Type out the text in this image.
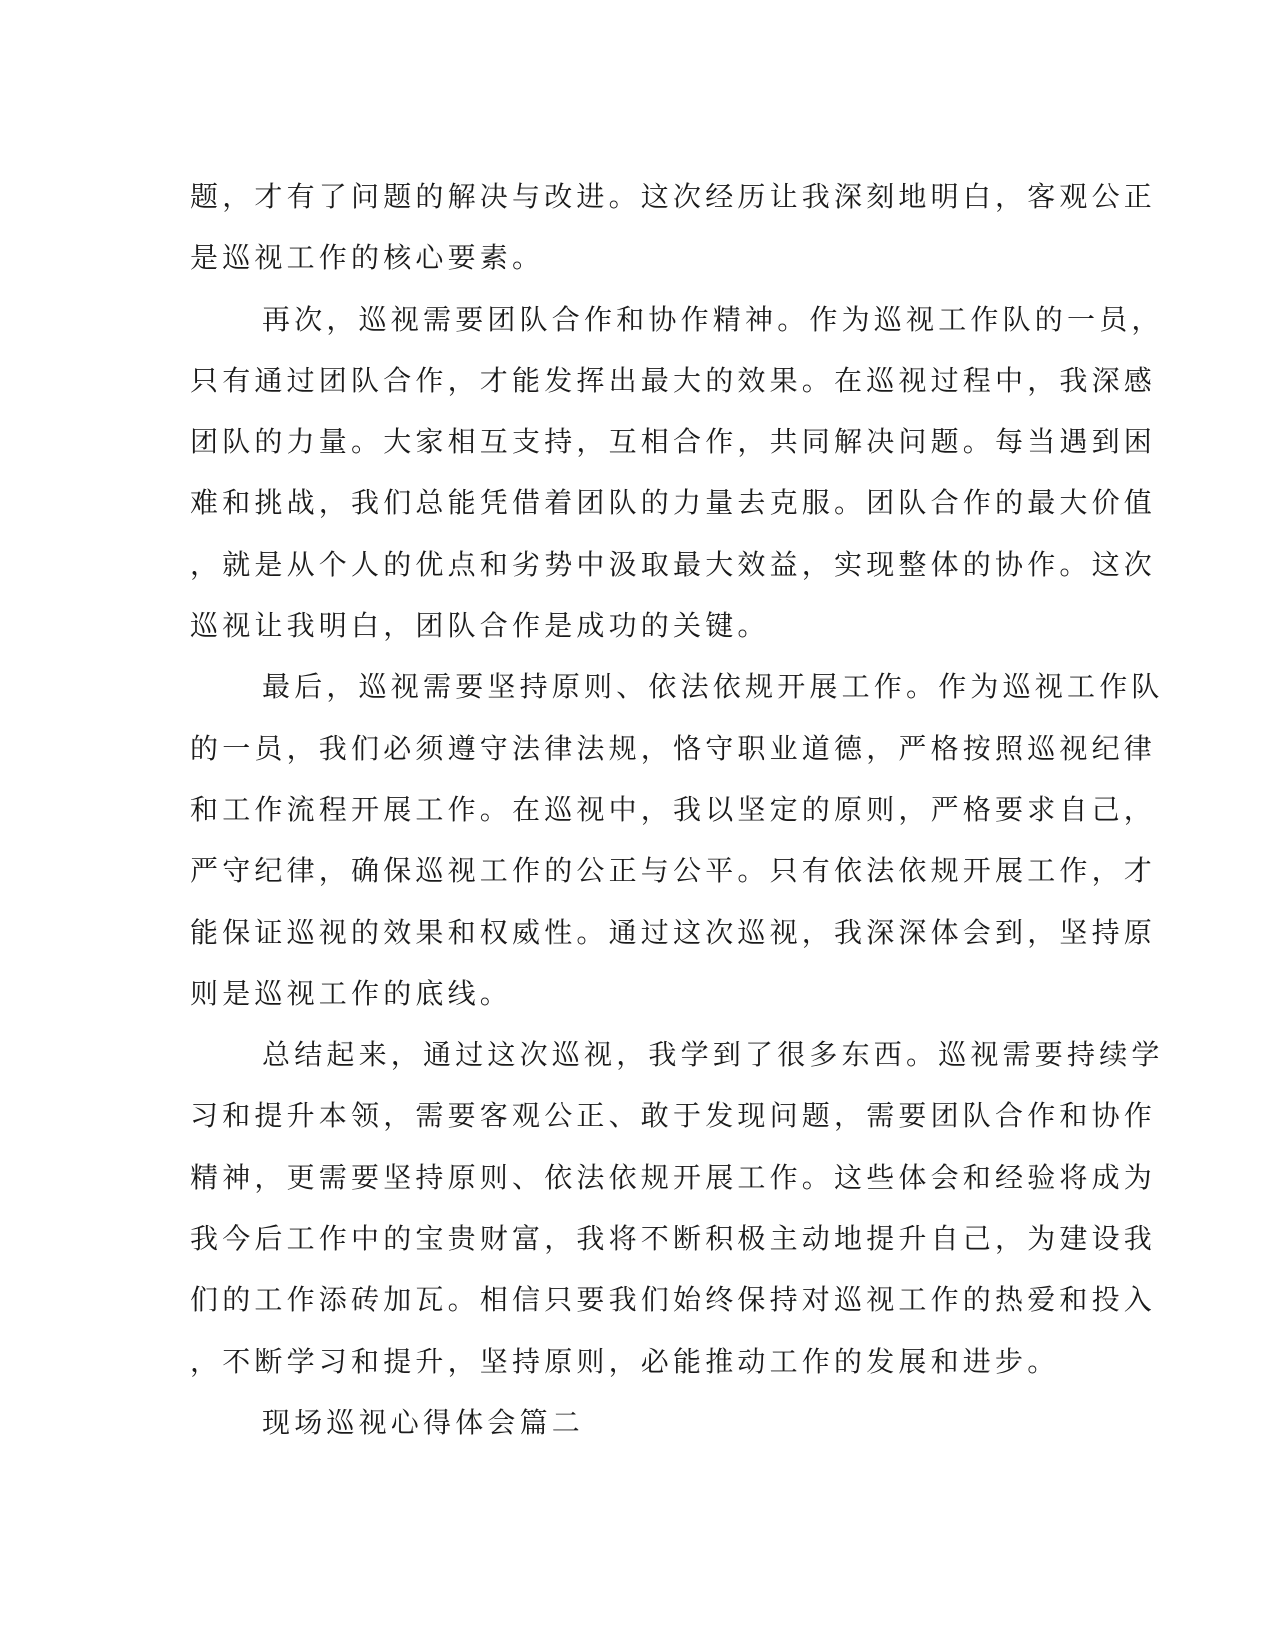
题，才有了问题的解决与改进。这次经历让我深刻地明白，客观公正

是巡视工作的核心要素。

再次，巡视需要团队合作和协作精神。作为巡视工作队的一员，

只有通过团队合作，才能发挥出最大的效果。在巡视过程中，我深感

团队的力量。大家相互支持，互相合作，共同解决问题。每当遇到困

难和挑战，我们总能凭借着团队的力量去克服。团队合作的最大价值

，就是从个人的优点和劣势中汲取最大效益，实现整体的协作。这次

巡视让我明白，团队合作是成功的关键。

最后，巡视需要坚持原则、依法依规开展工作。作为巡视工作队

的一员，我们必须遵守法律法规，恪守职业道德，严格按照巡视纪律

和工作流程开展工作。在巡视中，我以坚定的原则，严格要求自己，

严守纪律，确保巡视工作的公正与公平。只有依法依规开展工作，才

能保证巡视的效果和权威性。通过这次巡视，我深深体会到，坚持原

则是巡视工作的底线。

总结起来，通过这次巡视，我学到了很多东西。巡视需要持续学

习和提升本领，需要客观公正、敢于发现问题，需要团队合作和协作

精神，更需要坚持原则、依法依规开展工作。这些体会和经验将成为

我今后工作中的宝贵财富，我将不断积极主动地提升自己，为建设我

们的工作添砖加瓦。相信只要我们始终保持对巡视工作的热爱和投入

，不断学习和提升，坚持原则，必能推动工作的发展和进步。

现场巡视心得体会篇二
